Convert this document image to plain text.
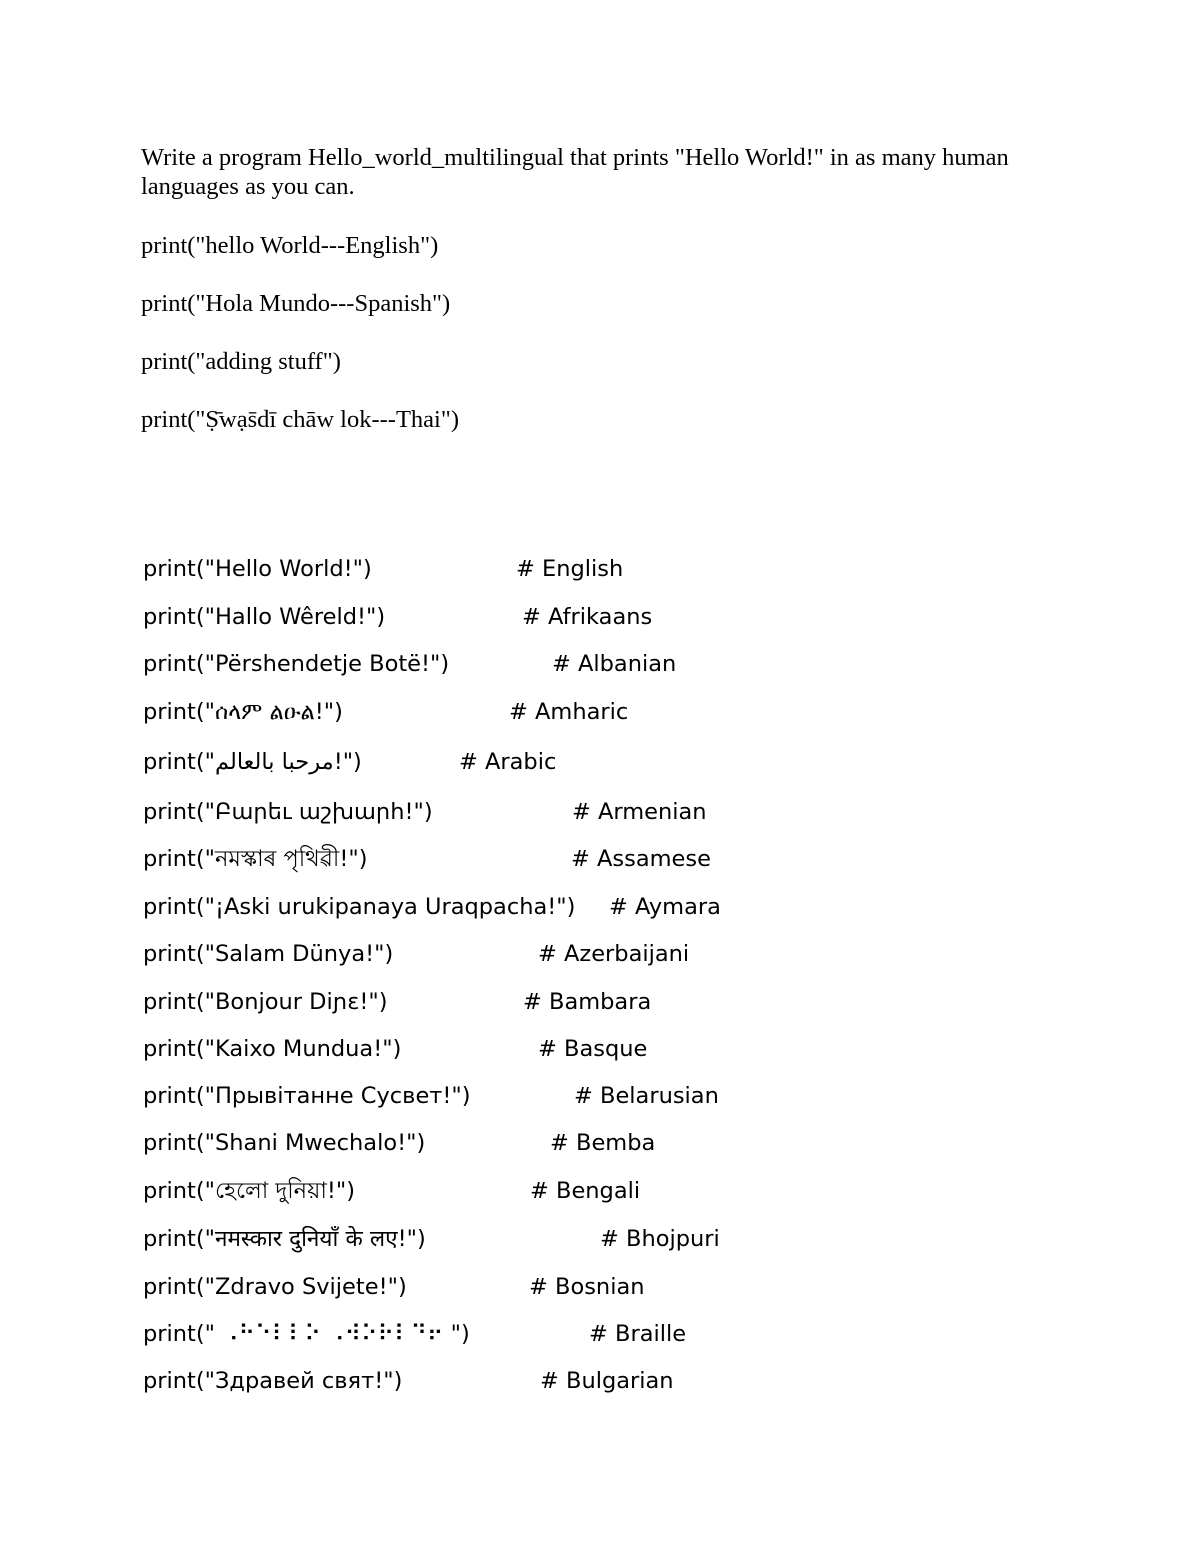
Write a program Hello_world_multilingual that prints "Hello World!" in as many human languages as you can.
print("hello World---English")
print("Hola Mundo---Spanish")
print("adding stuff")
print("Ṣ̄wạs̄dī chāw lok---Thai")
print("Hello World!")	# English
print("Hallo Wêreld!")	# Afrikaans
print("Përshendetje Botë!")	# Albanian
print("ሰላም ልዑል!")	# Amharic
print("مرحبا بالعالم!")	# Arabic
print("Բարեւ աշխարհ!")	# Armenian
print("নমস্কাৰ পৃথিৱী!")	# Assamese
print("¡Aski urukipanaya Uraqpacha!") # Aymara
print("Salam Dünya!")	# Azerbaijani
print("Bonjour Diɲɛ!")	# Bambara
print("Kaixo Mundua!")	# Basque
print("Прывітанне Сусвет!")	# Belarusian
print("Shani Mwechalo!")	# Bemba
print("হেলো দুনিয়া!")	# Bengali
print("नमस्कार दुनियाँ के लए!")	# Bhojpuri
print("Zdravo Svijete!")	# Bosnian
print(" ⠠⠓⠑⠇⠇⠕ ⠠⠺⠕⠗⠇⠙⠖ ")	# Braille
print("Здравей свят!")	# Bulgarian
